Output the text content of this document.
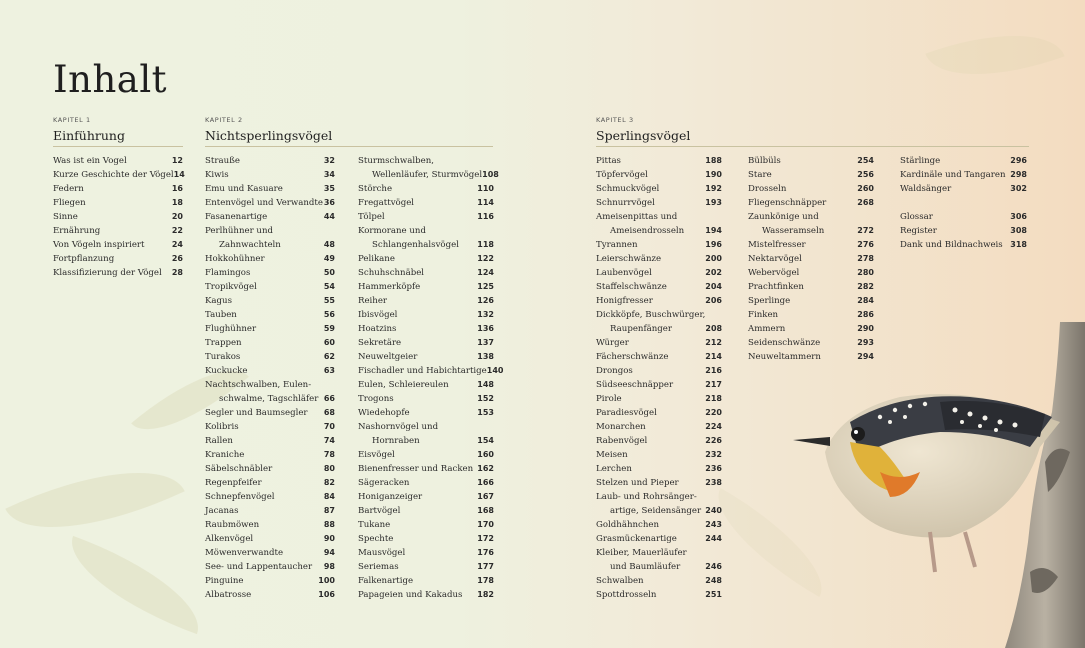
Inhalt
KAPITEL 1
Einführung
KAPITEL 2
Nichtsperlingsvögel
KAPITEL 3
Sperlingsvögel
Was ist ein Vogel	12
Kurze Geschichte der Vögel 14
Federn	16
Fliegen	18
Sinne	20
Ernährung	22
Von Vögeln inspiriert	24
Fortpflanzung	26
Klassifizierung der Vögel 28
Strauße	32
Kiwis	34
Emu und Kasuare	35
Entenvögel und Verwandte 36
Fasanenartige	44
Perlhühner und
Zahnwachteln	48
Hokkohühner	49
Flamingos	50
Tropikvögel	54
Kagus	55
Tauben	56
Flughühner	59
Trappen	60
Turakos	62
Kuckucke	63
Nachtschwalben, Eulen-
schwalme, Tagschläfer 66
Segler und Baumsegler 68
Kolibris	70
Rallen	74
Kraniche	78
Säbelschnäbler	80
Regenpfeifer	82
Schnepfenvögel	84
Jacanas	87
Raubmöwen	88
Alkenvögel	90
Möwenverwandte	94
See- und Lappentaucher 98
Pinguine	100
Albatrosse	106
Sturmschwalben,
Wellenläufer, Sturmvögel 108
Störche	110
Fregattvögel	114
Tölpel	116
Kormorane und
Schlangenhalsvögel 118
Pelikane	122
Schuhschnäbel	124
Hammerköpfe	125
Reiher	126
Ibisvögel	132
Hoatzins	136
Sekretäre	137
Neuweltgeier	138
Fischadler und Habichtartige 140
Eulen, Schleiereulen	148
Trogons	152
Wiedehopfe	153
Nashornvögel und
Hornraben	154
Eisvögel	160
Bienenfresser und Racken 162
Sägeracken	166
Honiganzeiger	167
Bartvögel	168
Tukane	170
Spechte	172
Mausvögel	176
Seriemas	177
Falkenartige	178
Papageien und Kakadus 182
Pittas	188
Töpfervögel	190
Schmuckvögel	192
Schnurrvögel	193
Ameisenpittas und
Ameisendrosseln	194
Tyrannen	196
Leierschwänze	200
Laubenvögel	202
Staffelschwänze	204
Honigfresser	206
Dickköpfe, Buschwürger,
Raupenfänger	208
Würger	212
Fächerschwänze	214
Drongos	216
Südseeschnäpper	217
Pirole	218
Paradiesvögel	220
Monarchen	224
Rabenvögel	226
Meisen	232
Lerchen	236
Stelzen und Pieper	238
Laub- und Rohrsänger-
artige, Seidensänger 240
Goldhähnchen	243
Grasmückenartige	244
Kleiber, Mauerläufer
und Baumläufer	246
Schwalben	248
Spottdrosseln	251
Bülbüls	254
Stare	256
Drosseln	260
Fliegenschnäpper	268
Zaunkönige und
Wasseramseln	272
Mistelfresser	276
Nektarvögel	278
Webervögel	280
Prachtfinken	282
Sperlinge	284
Finken	286
Ammern	290
Seidenschwänze	293
Neuweltammern	294
Stärlinge	296
Kardinäle und Tangaren 298
Waldsänger	302
Glossar	306
Register	308
Dank und Bildnachweis 318
